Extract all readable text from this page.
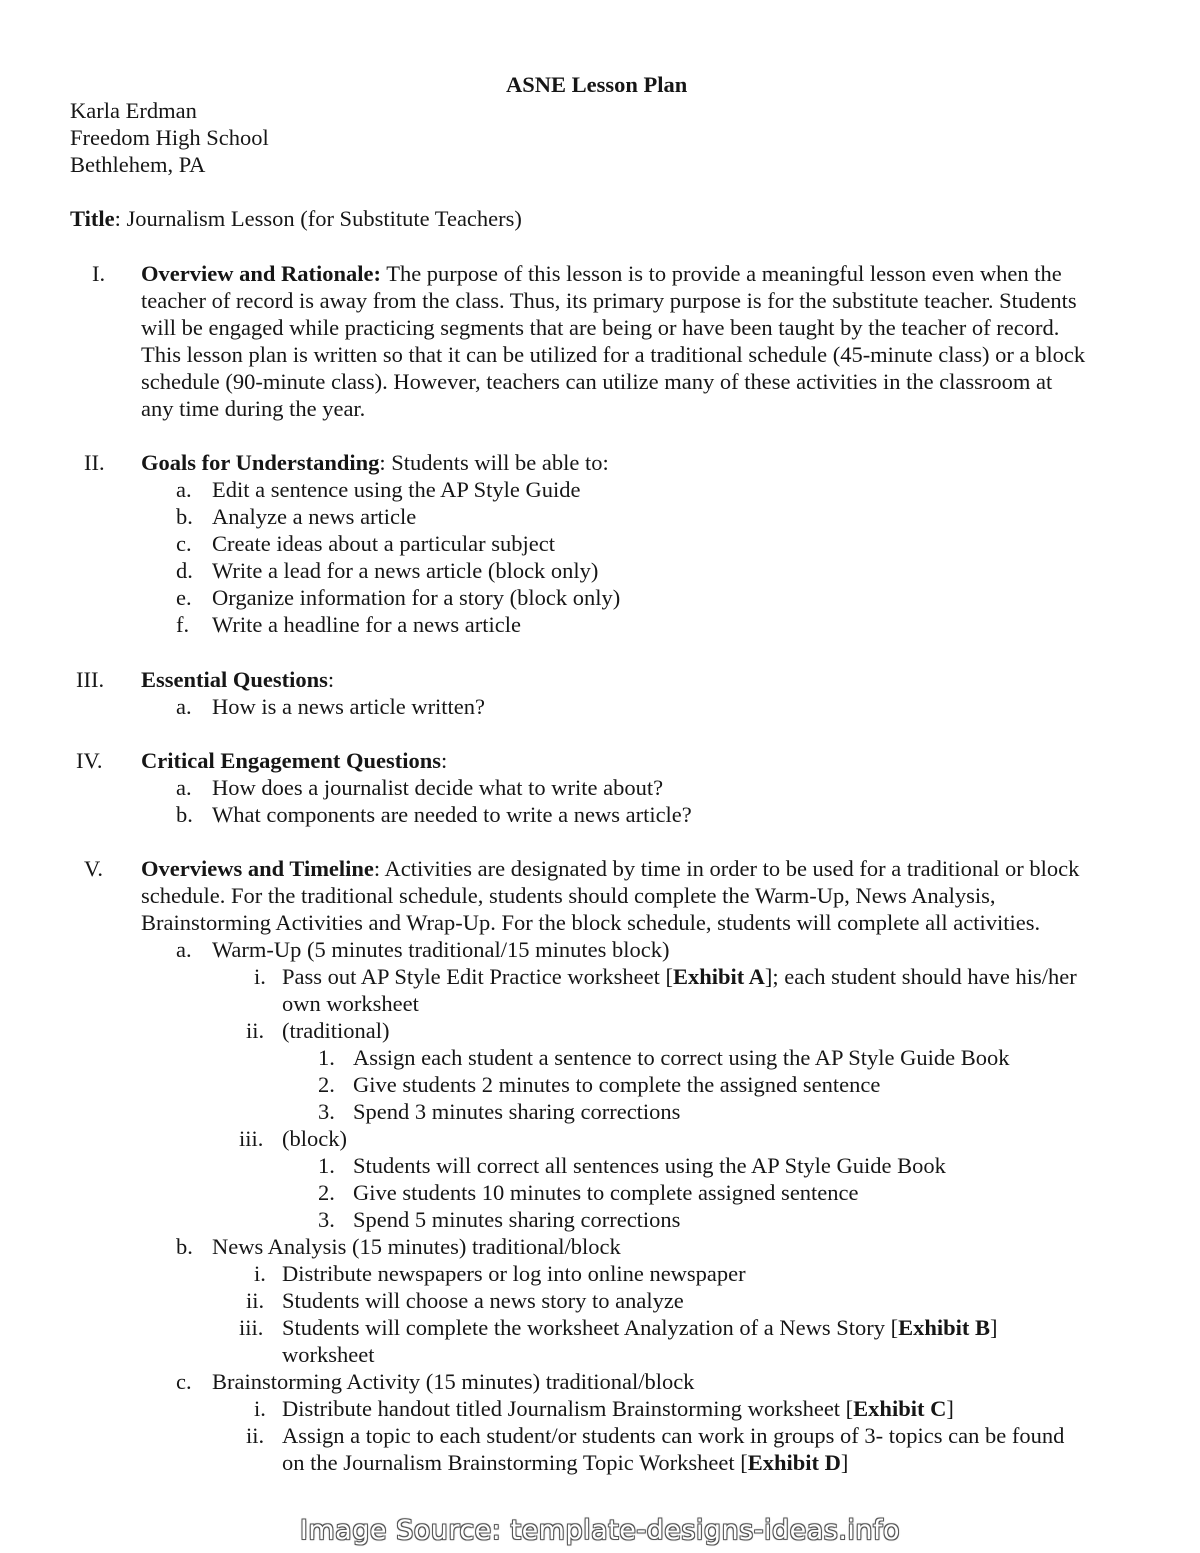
ASNE Lesson Plan
Karla Erdman
Freedom High School
Bethlehem, PA
Title: Journalism Lesson (for Substitute Teachers)
I. Overview and Rationale: The purpose of this lesson is to provide a meaningful lesson even when the
teacher of record is away from the class. Thus, its primary purpose is for the substitute teacher. Students
will be engaged while practicing segments that are being or have been taught by the teacher of record.
This lesson plan is written so that it can be utilized for a traditional schedule (45-minute class) or a block
schedule (90-minute class). However, teachers can utilize many of these activities in the classroom at
any time during the year.
II. Goals for Understanding: Students will be able to:
a. Edit a sentence using the AP Style Guide
b. Analyze a news article
c. Create ideas about a particular subject
d. Write a lead for a news article (block only)
e. Organize information for a story (block only)
f. Write a headline for a news article
III. Essential Questions:
a. How is a news article written?
IV. Critical Engagement Questions:
a. How does a journalist decide what to write about?
b. What components are needed to write a news article?
V. Overviews and Timeline: Activities are designated by time in order to be used for a traditional or block
schedule. For the traditional schedule, students should complete the Warm-Up, News Analysis,
Brainstorming Activities and Wrap-Up. For the block schedule, students will complete all activities.
a. Warm-Up (5 minutes traditional/15 minutes block)
i. Pass out AP Style Edit Practice worksheet [Exhibit A]; each student should have his/her
own worksheet
ii. (traditional)
1. Assign each student a sentence to correct using the AP Style Guide Book
2. Give students 2 minutes to complete the assigned sentence
3. Spend 3 minutes sharing corrections
iii. (block)
1. Students will correct all sentences using the AP Style Guide Book
2. Give students 10 minutes to complete assigned sentence
3. Spend 5 minutes sharing corrections
b. News Analysis (15 minutes) traditional/block
i. Distribute newspapers or log into online newspaper
ii. Students will choose a news story to analyze
iii. Students will complete the worksheet Analyzation of a News Story [Exhibit B]
worksheet
c. Brainstorming Activity (15 minutes) traditional/block
i. Distribute handout titled Journalism Brainstorming worksheet [Exhibit C]
ii. Assign a topic to each student/or students can work in groups of 3- topics can be found
on the Journalism Brainstorming Topic Worksheet [Exhibit D]
Image Source: template-designs-ideas.info
